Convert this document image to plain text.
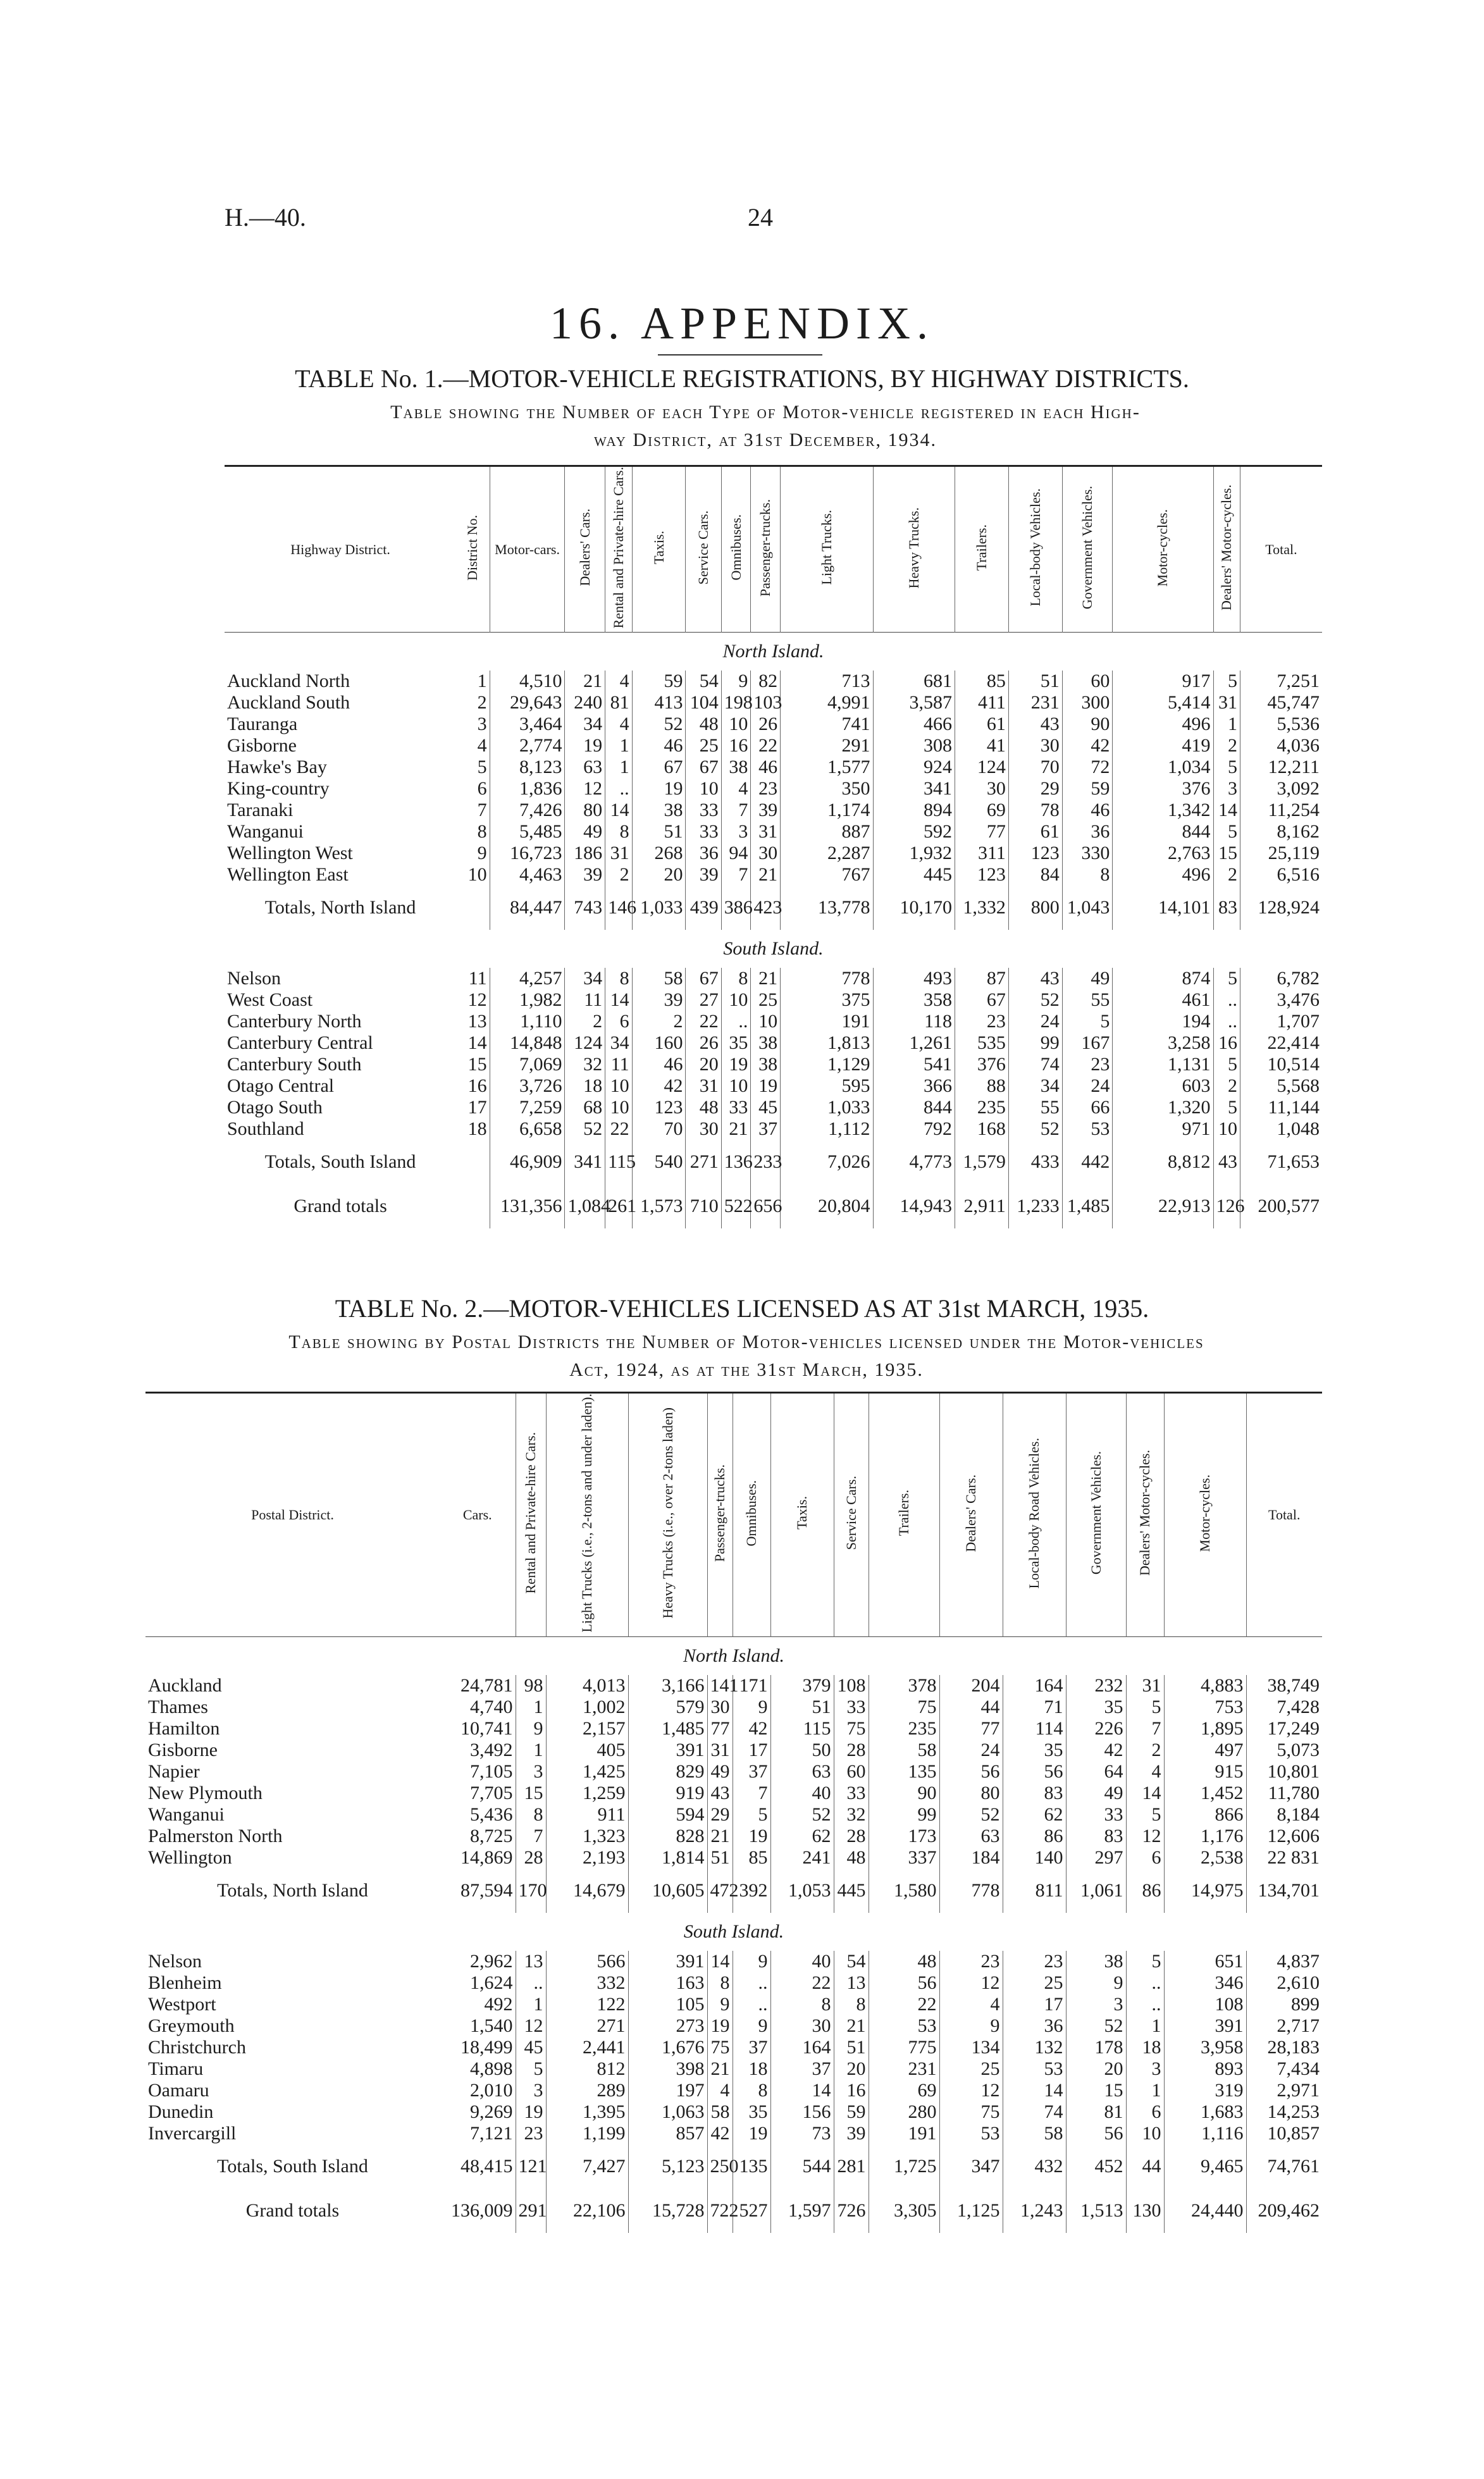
H.—40.	24
16. APPENDIX.
TABLE No. 1.—MOTOR-VEHICLE REGISTRATIONS, BY HIGHWAY DISTRICTS.
Table showing the Number of each Type of Motor-vehicle registered in each High-
way District, at 31st December, 1934.
Highway District.	District No.	Motor-cars.	Dealers' Cars.	Rental and Private-hire Cars.	Taxis.	Service Cars.	Omnibuses.	Passenger-trucks.	Light Trucks.	Heavy Trucks.	Trailers.	Local-body Vehicles.	Government Vehicles.	Motor-cycles.	Dealers' Motor-cycles.	Total.
North Island.																
Auckland North	1	4,510	21	4	59	54	9	82	713	681	85	51	60	917	5	7,251
Auckland South	2	29,643	240	81	413	104	198	103	4,991	3,587	411	231	300	5,414	31	45,747
Tauranga	3	3,464	34	4	52	48	10	26	741	466	61	43	90	496	1	5,536
Gisborne	4	2,774	19	1	46	25	16	22	291	308	41	30	42	419	2	4,036
Hawke's Bay	5	8,123	63	1	67	67	38	46	1,577	924	124	70	72	1,034	5	12,211
King-country	6	1,836	12	..	19	10	4	23	350	341	30	29	59	376	3	3,092
Taranaki	7	7,426	80	14	38	33	7	39	1,174	894	69	78	46	1,342	14	11,254
Wanganui	8	5,485	49	8	51	33	3	31	887	592	77	61	36	844	5	8,162
Wellington West	9	16,723	186	31	268	36	94	30	2,287	1,932	311	123	330	2,763	15	25,119
Wellington East	10	4,463	39	2	20	39	7	21	767	445	123	84	8	496	2	6,516
Totals, North Island		84,447	743	146	1,033	439	386	423	13,778	10,170	1,332	800	1,043	14,101	83	128,924
South Island.																
Nelson	11	4,257	34	8	58	67	8	21	778	493	87	43	49	874	5	6,782
West Coast	12	1,982	11	14	39	27	10	25	375	358	67	52	55	461	..	3,476
Canterbury North	13	1,110	2	6	2	22	..	10	191	118	23	24	5	194	..	1,707
Canterbury Central	14	14,848	124	34	160	26	35	38	1,813	1,261	535	99	167	3,258	16	22,414
Canterbury South	15	7,069	32	11	46	20	19	38	1,129	541	376	74	23	1,131	5	10,514
Otago Central	16	3,726	18	10	42	31	10	19	595	366	88	34	24	603	2	5,568
Otago South	17	7,259	68	10	123	48	33	45	1,033	844	235	55	66	1,320	5	11,144
Southland	18	6,658	52	22	70	30	21	37	1,112	792	168	52	53	971	10	1,048
Totals, South Island		46,909	341	115	540	271	136	233	7,026	4,773	1,579	433	442	8,812	43	71,653
Grand totals		131,356	1,084	261	1,573	710	522	656	20,804	14,943	2,911	1,233	1,485	22,913	126	200,577
TABLE No. 2.—MOTOR-VEHICLES LICENSED AS AT 31st MARCH, 1935.
Table showing by Postal Districts the Number of Motor-vehicles licensed under the Motor-vehicles
Act, 1924, as at the 31st March, 1935.
Postal District.	Cars.	Rental and Private-hire Cars.	Light Trucks (i.e., 2-tons and under laden).	Heavy Trucks (i.e., over 2-tons laden)	Passenger-trucks.	Omnibuses.	Taxis.	Service Cars.	Trailers.	Dealers' Cars.	Local-body Road Vehicles.	Government Vehicles.	Dealers' Motor-cycles.	Motor-cycles.	Total.
North Island.															
Auckland	24,781	98	4,013	3,166	141	171	379	108	378	204	164	232	31	4,883	38,749
Thames	4,740	1	1,002	579	30	9	51	33	75	44	71	35	5	753	7,428
Hamilton	10,741	9	2,157	1,485	77	42	115	75	235	77	114	226	7	1,895	17,249
Gisborne	3,492	1	405	391	31	17	50	28	58	24	35	42	2	497	5,073
Napier	7,105	3	1,425	829	49	37	63	60	135	56	56	64	4	915	10,801
New Plymouth	7,705	15	1,259	919	43	7	40	33	90	80	83	49	14	1,452	11,780
Wanganui	5,436	8	911	594	29	5	52	32	99	52	62	33	5	866	8,184
Palmerston North	8,725	7	1,323	828	21	19	62	28	173	63	86	83	12	1,176	12,606
Wellington	14,869	28	2,193	1,814	51	85	241	48	337	184	140	297	6	2,538	22 831
Totals, North Island	87,594	170	14,679	10,605	472	392	1,053	445	1,580	778	811	1,061	86	14,975	134,701
South Island.															
Nelson	2,962	13	566	391	14	9	40	54	48	23	23	38	5	651	4,837
Blenheim	1,624	..	332	163	8	..	22	13	56	12	25	9	..	346	2,610
Westport	492	1	122	105	9	..	8	8	22	4	17	3	..	108	899
Greymouth	1,540	12	271	273	19	9	30	21	53	9	36	52	1	391	2,717
Christchurch	18,499	45	2,441	1,676	75	37	164	51	775	134	132	178	18	3,958	28,183
Timaru	4,898	5	812	398	21	18	37	20	231	25	53	20	3	893	7,434
Oamaru	2,010	3	289	197	4	8	14	16	69	12	14	15	1	319	2,971
Dunedin	9,269	19	1,395	1,063	58	35	156	59	280	75	74	81	6	1,683	14,253
Invercargill	7,121	23	1,199	857	42	19	73	39	191	53	58	56	10	1,116	10,857
Totals, South Island	48,415	121	7,427	5,123	250	135	544	281	1,725	347	432	452	44	9,465	74,761
Grand totals	136,009	291	22,106	15,728	722	527	1,597	726	3,305	1,125	1,243	1,513	130	24,440	209,462
